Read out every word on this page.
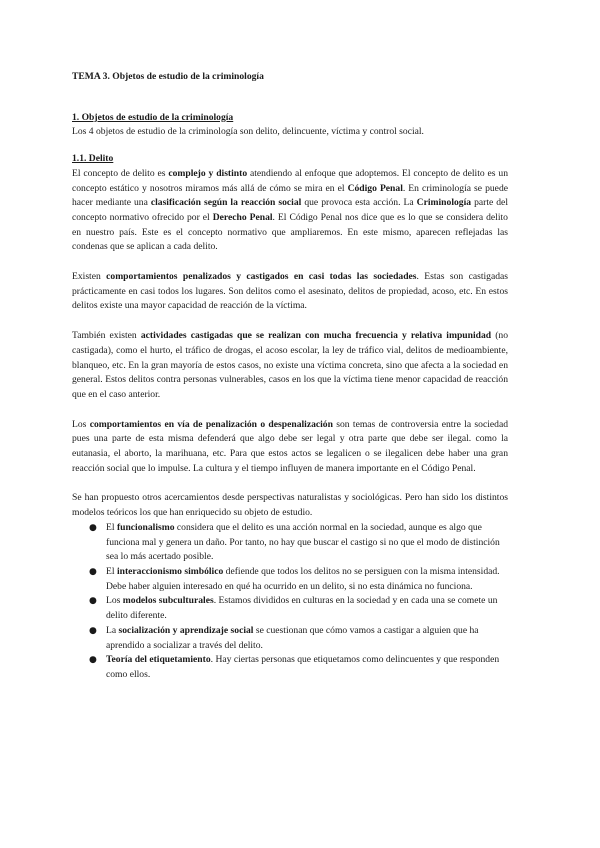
TEMA 3. Objetos de estudio de la criminología

1. Objetos de estudio de la criminología

Los 4 objetos de estudio de la criminología son delito, delincuente, víctima y control social.

1.1. Delito

El concepto de delito es complejo y distinto atendiendo al enfoque que adoptemos. El concepto de delito es un concepto estático y nosotros miramos más allá de cómo se mira en el Código Penal. En criminología se puede hacer mediante una clasificación según la reacción social que provoca esta acción. La Criminología parte del concepto normativo ofrecido por el Derecho Penal. El Código Penal nos dice que es lo que se considera delito en nuestro país. Este es el concepto normativo que ampliaremos. En este mismo, aparecen reflejadas las condenas que se aplican a cada delito.

Existen comportamientos penalizados y castigados en casi todas las sociedades. Estas son castigadas prácticamente en casi todos los lugares. Son delitos como el asesinato, delitos de propiedad, acoso, etc. En estos delitos existe una mayor capacidad de reacción de la víctima.

También existen actividades castigadas que se realizan con mucha frecuencia y relativa impunidad (no castigada), como el hurto, el tráfico de drogas, el acoso escolar, la ley de tráfico vial, delitos de medioambiente, blanqueo, etc. En la gran mayoría de estos casos, no existe una víctima concreta, sino que afecta a la sociedad en general. Estos delitos contra personas vulnerables, casos en los que la víctima tiene menor capacidad de reacción que en el caso anterior.

Los comportamientos en vía de penalización o despenalización son temas de controversia entre la sociedad pues una parte de esta misma defenderá que algo debe ser legal y otra parte que debe ser ilegal. como la eutanasia, el aborto, la marihuana, etc. Para que estos actos se legalicen o se ilegalicen debe haber una gran reacción social que lo impulse. La cultura y el tiempo influyen de manera importante en el Código Penal.

Se han propuesto otros acercamientos desde perspectivas naturalistas y sociológicas. Pero han sido los distintos modelos teóricos los que han enriquecido su objeto de estudio.

● El funcionalismo considera que el delito es una acción normal en la sociedad, aunque es algo que funciona mal y genera un daño. Por tanto, no hay que buscar el castigo si no que el modo de distinción sea lo más acertado posible.
● El interaccionismo simbólico defiende que todos los delitos no se persiguen con la misma intensidad. Debe haber alguien interesado en qué ha ocurrido en un delito, si no esta dinámica no funciona.
● Los modelos subculturales. Estamos divididos en culturas en la sociedad y en cada una se comete un delito diferente.
● La socialización y aprendizaje social se cuestionan que cómo vamos a castigar a alguien que ha aprendido a socializar a través del delito.
● Teoría del etiquetamiento. Hay ciertas personas que etiquetamos como delincuentes y que responden como ellos.
